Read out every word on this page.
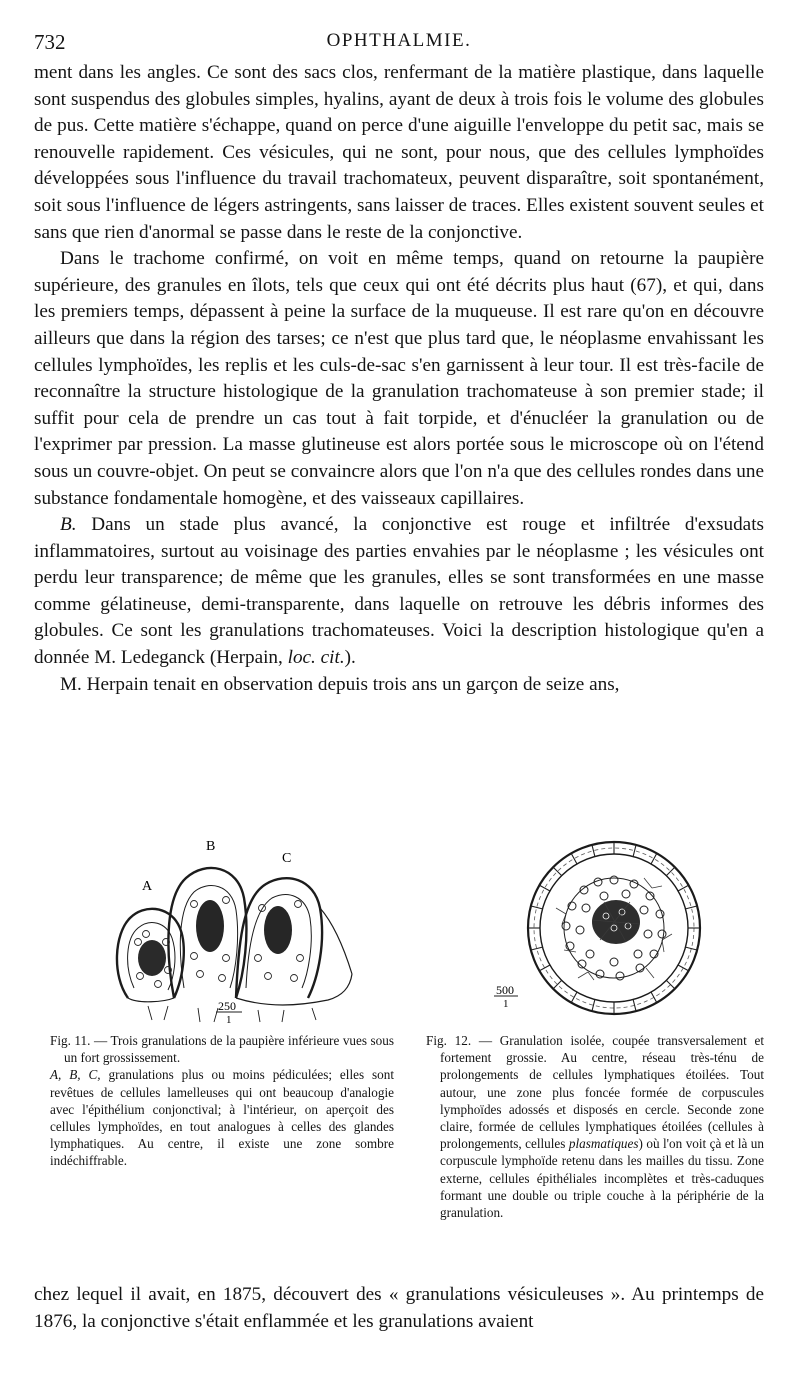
732	OPHTHALMIE.

ment dans les angles. Ce sont des sacs clos, renfermant de la matière plastique, dans laquelle sont suspendus des globules simples, hyalins, ayant de deux à trois fois le volume des globules de pus. Cette matière s'échappe, quand on perce d'une aiguille l'enveloppe du petit sac, mais se renouvelle rapidement. Ces vésicules, qui ne sont, pour nous, que des cellules lymphoïdes développées sous l'influence du travail trachomateux, peuvent disparaître, soit spontanément, soit sous l'influence de légers astringents, sans laisser de traces. Elles existent souvent seules et sans que rien d'anormal se passe dans le reste de la conjonctive.

Dans le trachome confirmé, on voit en même temps, quand on retourne la paupière supérieure, des granules en îlots, tels que ceux qui ont été décrits plus haut (67), et qui, dans les premiers temps, dépassent à peine la surface de la muqueuse. Il est rare qu'on en découvre ailleurs que dans la région des tarses; ce n'est que plus tard que, le néoplasme envahissant les cellules lymphoïdes, les replis et les culs-de-sac s'en garnissent à leur tour. Il est très-facile de reconnaître la structure histologique de la granulation trachomateuse à son premier stade; il suffit pour cela de prendre un cas tout à fait torpide, et d'énucléer la granulation ou de l'exprimer par pression. La masse glutineuse est alors portée sous le microscope où on l'étend sous un couvre-objet. On peut se convaincre alors que l'on n'a que des cellules rondes dans une substance fondamentale homogène, et des vaisseaux capillaires.

B. Dans un stade plus avancé, la conjonctive est rouge et infiltrée d'exsudats inflammatoires, surtout au voisinage des parties envahies par le néoplasme ; les vésicules ont perdu leur transparence; de même que les granules, elles se sont transformées en une masse comme gélatineuse, demi-transparente, dans laquelle on retrouve les débris informes des globules. Ce sont les granulations trachomateuses. Voici la description histologique qu'en a donnée M. Ledeganck (Herpain, loc. cit.).

M. Herpain tenait en observation depuis trois ans un garçon de seize ans,

A
B
C
250
1
500
1

Fig. 11. — Trois granulations de la paupière inférieure vues sous un fort grossissement.

A, B, C, granulations plus ou moins pédiculées; elles sont revêtues de cellules lamelleuses qui ont beaucoup d'analogie avec l'épithélium conjonctival; à l'intérieur, on aperçoit des cellules lymphoïdes, en tout analogues à celles des glandes lymphatiques. Au centre, il existe une zone sombre indéchiffrable.

Fig. 12. — Granulation isolée, coupée transversalement et fortement grossie. Au centre, réseau très-ténu de prolongements de cellules lymphatiques étoilées. Tout autour, une zone plus foncée formée de corpuscules lymphoïdes adossés et disposés en cercle. Seconde zone claire, formée de cellules lymphatiques étoilées (cellules à prolongements, cellules plasmatiques) où l'on voit çà et là un corpuscule lymphoïde retenu dans les mailles du tissu. Zone externe, cellules épithéliales incomplètes et très-caduques formant une double ou triple couche à la périphérie de la granulation.

chez lequel il avait, en 1875, découvert des « granulations vésiculeuses ». Au printemps de 1876, la conjonctive s'était enflammée et les granulations avaient
